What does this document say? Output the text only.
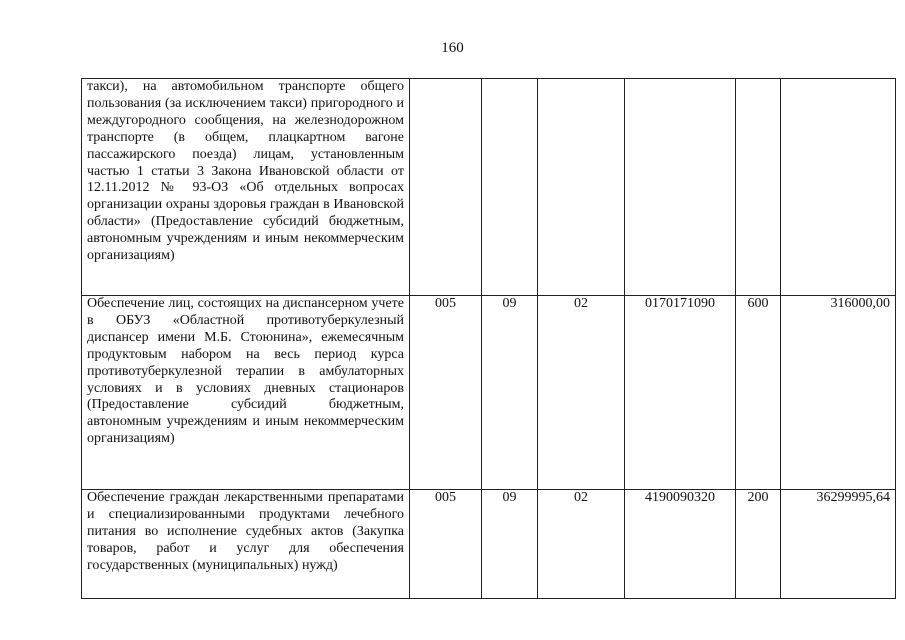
160
такси), на автомобильном транспорте общего пользования (за исключением такси) пригородного и междугородного сообщения, на железнодорожном транспорте (в общем, плацкартном вагоне пассажирского поезда) лицам, установленным частью 1 статьи 3 Закона Ивановской области от 12.11.2012 № 93-ОЗ «Об отдельных вопросах организации охраны здоровья граждан в Ивановской области» (Предоставление субсидий бюджетным, автономным учреждениям и иным некоммерческим организациям)						
Обеспечение лиц, состоящих на диспансерном учете в ОБУЗ «Областной противотуберкулезный диспансер имени М.Б. Стоюнина», ежемесячным продуктовым набором на весь период курса противотуберкулезной терапии в амбулаторных условиях и в условиях дневных стационаров (Предоставление субсидий бюджетным, автономным учреждениям и иным некоммерческим организациям)	005	09	02	0170171090	600	316000,00
Обеспечение граждан лекарственными препаратами и специализированными продуктами лечебного питания во исполнение судебных актов (Закупка товаров, работ и услуг для обеспечения государственных (муниципальных) нужд)	005	09	02	4190090320	200	36299995,64
